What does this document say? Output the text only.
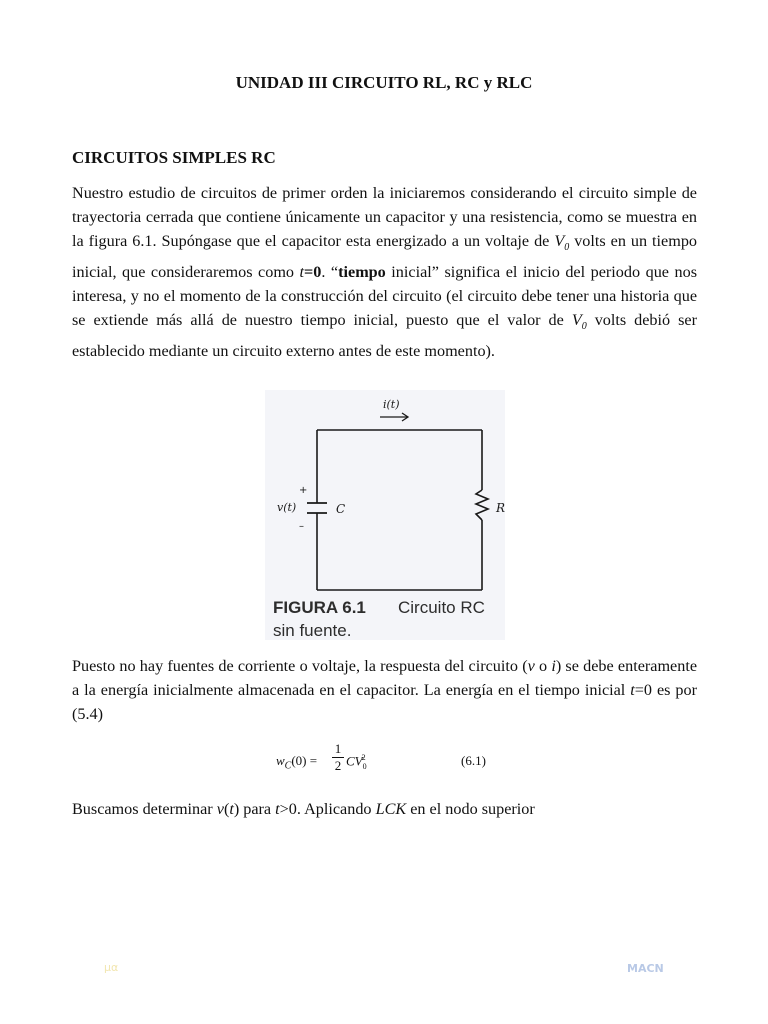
UNIDAD III CIRCUITO RL, RC y RLC
CIRCUITOS SIMPLES RC

Nuestro estudio de circuitos de primer orden la iniciaremos considerando el circuito simple de trayectoria cerrada que contiene únicamente un capacitor y una resistencia, como se muestra en la figura 6.1. Supóngase que el capacitor esta energizado a un voltaje de $V_0$ volts en un tiempo inicial, que consideraremos como t=0. “tiempo inicial” significa el inicio del periodo que nos interesa, y no el momento de la construcción del circuito (el circuito debe tener una historia que se extiende más allá de nuestro tiempo inicial, puesto que el valor de $V_0$ volts debió ser establecido mediante un circuito externo antes de este momento).

i(t)
+
v(t)
–
C	R
FIGURA 6.1 Circuito RC
sin fuente.

Puesto no hay fuentes de corriente o voltaje, la respuesta del circuito (v o i) se debe enteramente a la energía inicialmente almacenada en el capacitor. La energía en el tiempo inicial t=0 es por (5.4)

$w_C(0)$ =
1
2 $CV_0^2$	(6.1)

Buscamos determinar v(t) para t>0. Aplicando LCK en el nodo superior

μα	MACN
